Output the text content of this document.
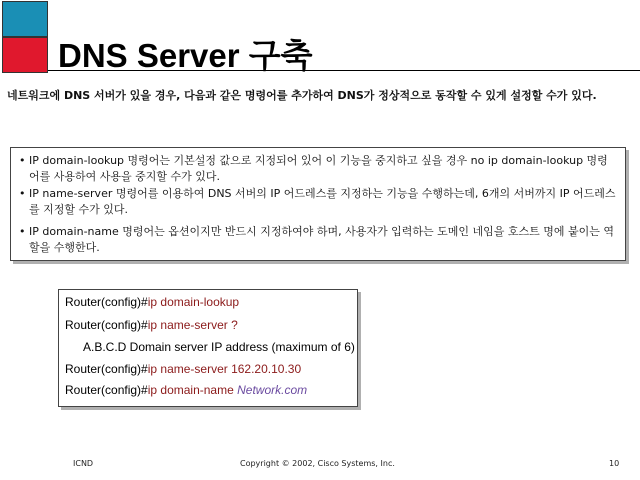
DNS Server 구축
네트워크에 DNS 서버가 있을 경우, 다음과 같은 명령어를 추가하여 DNS가 정상적으로 동작할 수 있게 설정할 수가 있다.
• IP domain-lookup 명령어는 기본설정 값으로 지정되어 있어 이 기능을 중지하고 싶을 경우 no ip domain-lookup 명령어를 사용하여 사용을 중지할 수가 있다.
• IP name-server 명령어를 이용하여 DNS 서버의 IP 어드레스를 지정하는 기능을 수행하는데, 6개의 서버까지 IP 어드레스를 지정할 수가 있다.
• IP domain-name 명령어는 옵션이지만 반드시 지정하여야 하며, 사용자가 입력하는 도메인 네임을 호스트 명에 붙이는 역할을 수행한다.
Router(config)#ip domain-lookup
Router(config)#ip name-server ?
A.B.C.D Domain server IP address (maximum of 6)
Router(config)#ip name-server 162.20.10.30
Router(config)#ip domain-name Network.com
ICND	Copyright © 2002, Cisco Systems, Inc.	10
